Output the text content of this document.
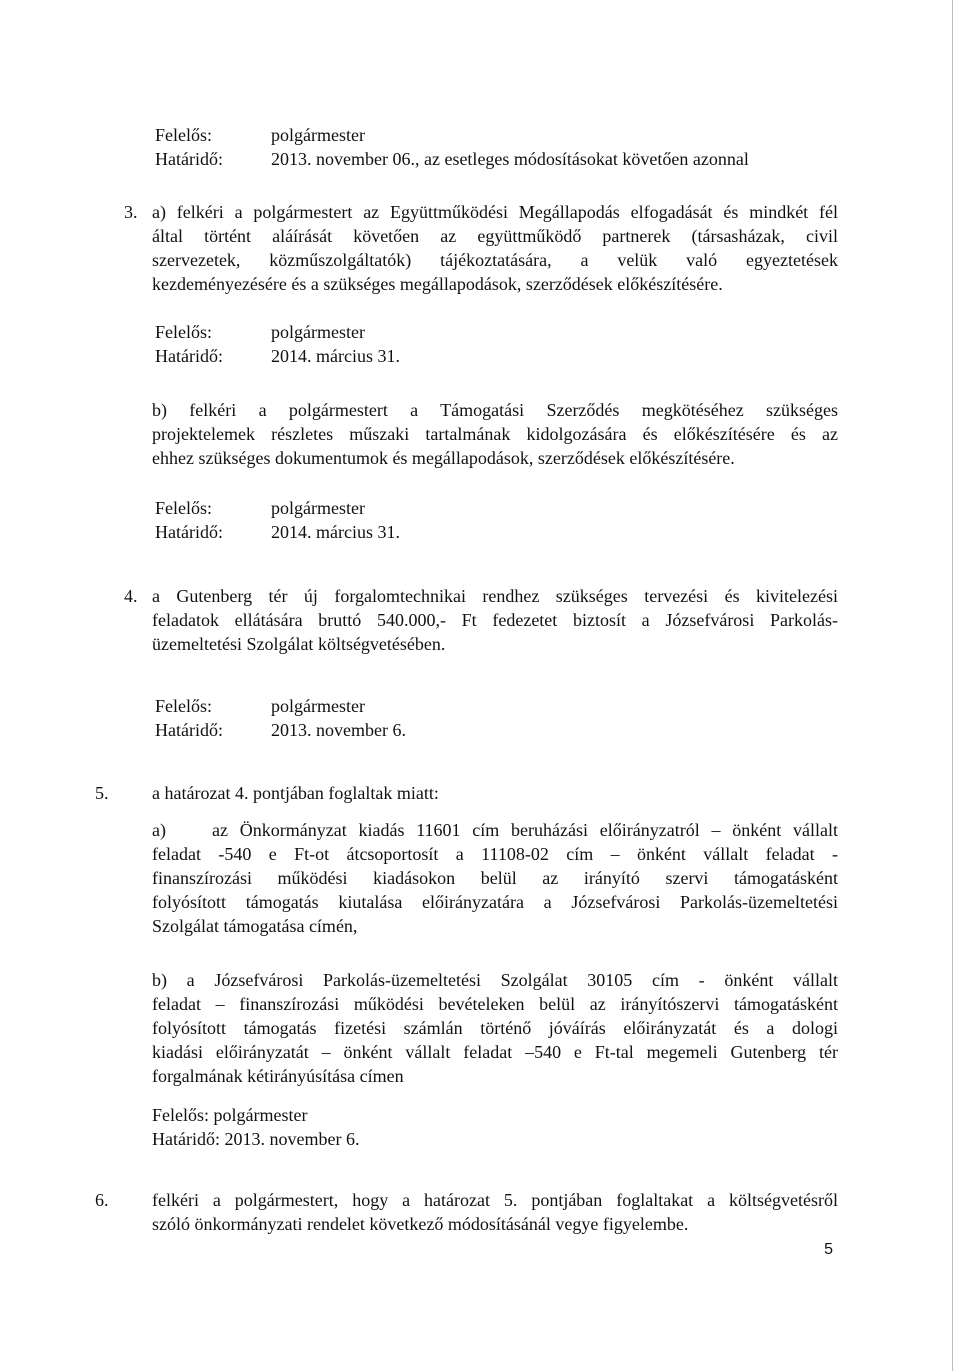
Felelős:	polgármester
Határidő:	2013. november 06., az esetleges módosításokat követően azonnal
3. a) felkéri a polgármestert az Együttműködési Megállapodás elfogadását és mindkét fél
által történt aláírását követően az együttműködő partnerek (társasházak, civil
szervezetek, közműszolgáltatók) tájékoztatására, a velük való egyeztetések
kezdeményezésére és a szükséges megállapodások, szerződések előkészítésére.
Felelős:	polgármester
Határidő:	2014. március 31.
b) felkéri a polgármestert a Támogatási Szerződés megkötéséhez szükséges
projektelemek részletes műszaki tartalmának kidolgozására és előkészítésére és az
ehhez szükséges dokumentumok és megállapodások, szerződések előkészítésére.
Felelős:	polgármester
Határidő:	2014. március 31.
4. a Gutenberg tér új forgalomtechnikai rendhez szükséges tervezési és kivitelezési
feladatok ellátására bruttó 540.000,- Ft fedezetet biztosít a Józsefvárosi Parkolás-
üzemeltetési Szolgálat költségvetésében.
Felelős:	polgármester
Határidő:	2013. november 6.
5. a határozat 4. pontjában foglaltak miatt:
a)	az Önkormányzat kiadás 11601 cím beruházási előirányzatról – önként vállalt
feladat -540 e Ft-ot átcsoportosít a 11108-02 cím – önként vállalt feladat -
finanszírozási működési kiadásokon belül az irányító szervi támogatásként
folyósított támogatás kiutalása előirányzatára a Józsefvárosi Parkolás-üzemeltetési
Szolgálat támogatása címén,
b) a Józsefvárosi Parkolás-üzemeltetési Szolgálat 30105 cím - önként vállalt
feladat – finanszírozási működési bevételeken belül az irányítószervi támogatásként
folyósított támogatás fizetési számlán történő jóváírás előirányzatát és a dologi
kiadási előirányzatát – önként vállalt feladat –540 e Ft-tal megemeli Gutenberg tér
forgalmának kétirányúsítása címen
Felelős: polgármester
Határidő: 2013. november 6.
6. felkéri a polgármestert, hogy a határozat 5. pontjában foglaltakat a költségvetésről
szóló önkormányzati rendelet következő módosításánál vegye figyelembe.
5
